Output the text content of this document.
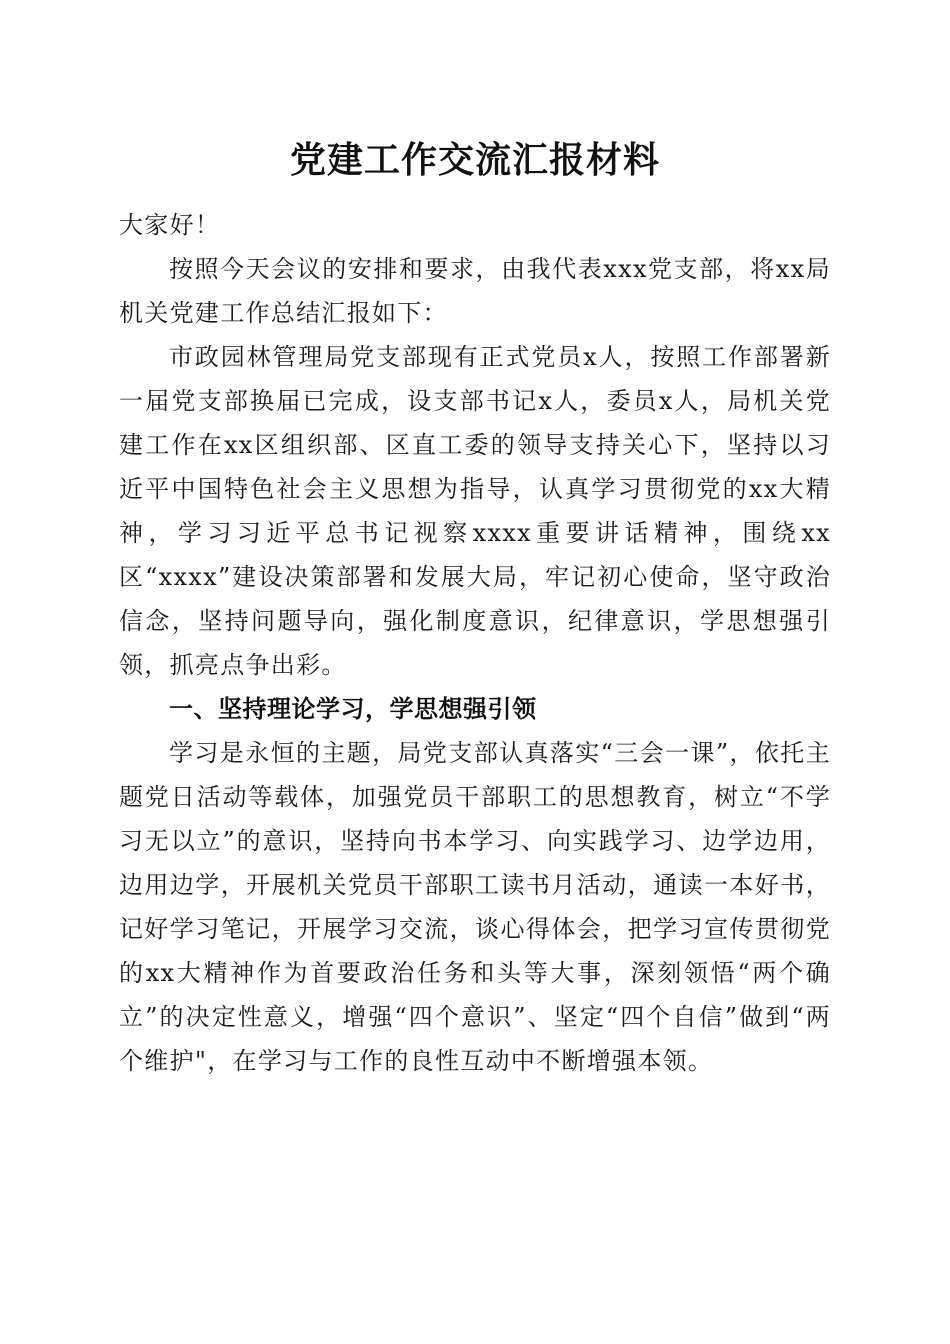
党建工作交流汇报材料

大家好！

按照今天会议的安排和要求，由我代表xxx党支部，将xx局机关党建工作总结汇报如下：

市政园林管理局党支部现有正式党员x人，按照工作部署新一届党支部换届已完成，设支部书记x人，委员x人，局机关党建工作在xx区组织部、区直工委的领导支持关心下，坚持以习近平中国特色社会主义思想为指导，认真学习贯彻党的xx大精神，学习习近平总书记视察xxxx重要讲话精神，围绕xx区“xxxx”建设决策部署和发展大局，牢记初心使命，坚守政治信念，坚持问题导向，强化制度意识，纪律意识，学思想强引领，抓亮点争出彩。

一、坚持理论学习，学思想强引领

学习是永恒的主题，局党支部认真落实“三会一课”，依托主题党日活动等载体，加强党员干部职工的思想教育，树立“不学习无以立”的意识，坚持向书本学习、向实践学习、边学边用，边用边学，开展机关党员干部职工读书月活动，通读一本好书，记好学习笔记，开展学习交流，谈心得体会，把学习宣传贯彻党的xx大精神作为首要政治任务和头等大事，深刻领悟“两个确立”的决定性意义，增强“四个意识”、坚定“四个自信”做到“两个维护"，在学习与工作的良性互动中不断增强本领。
